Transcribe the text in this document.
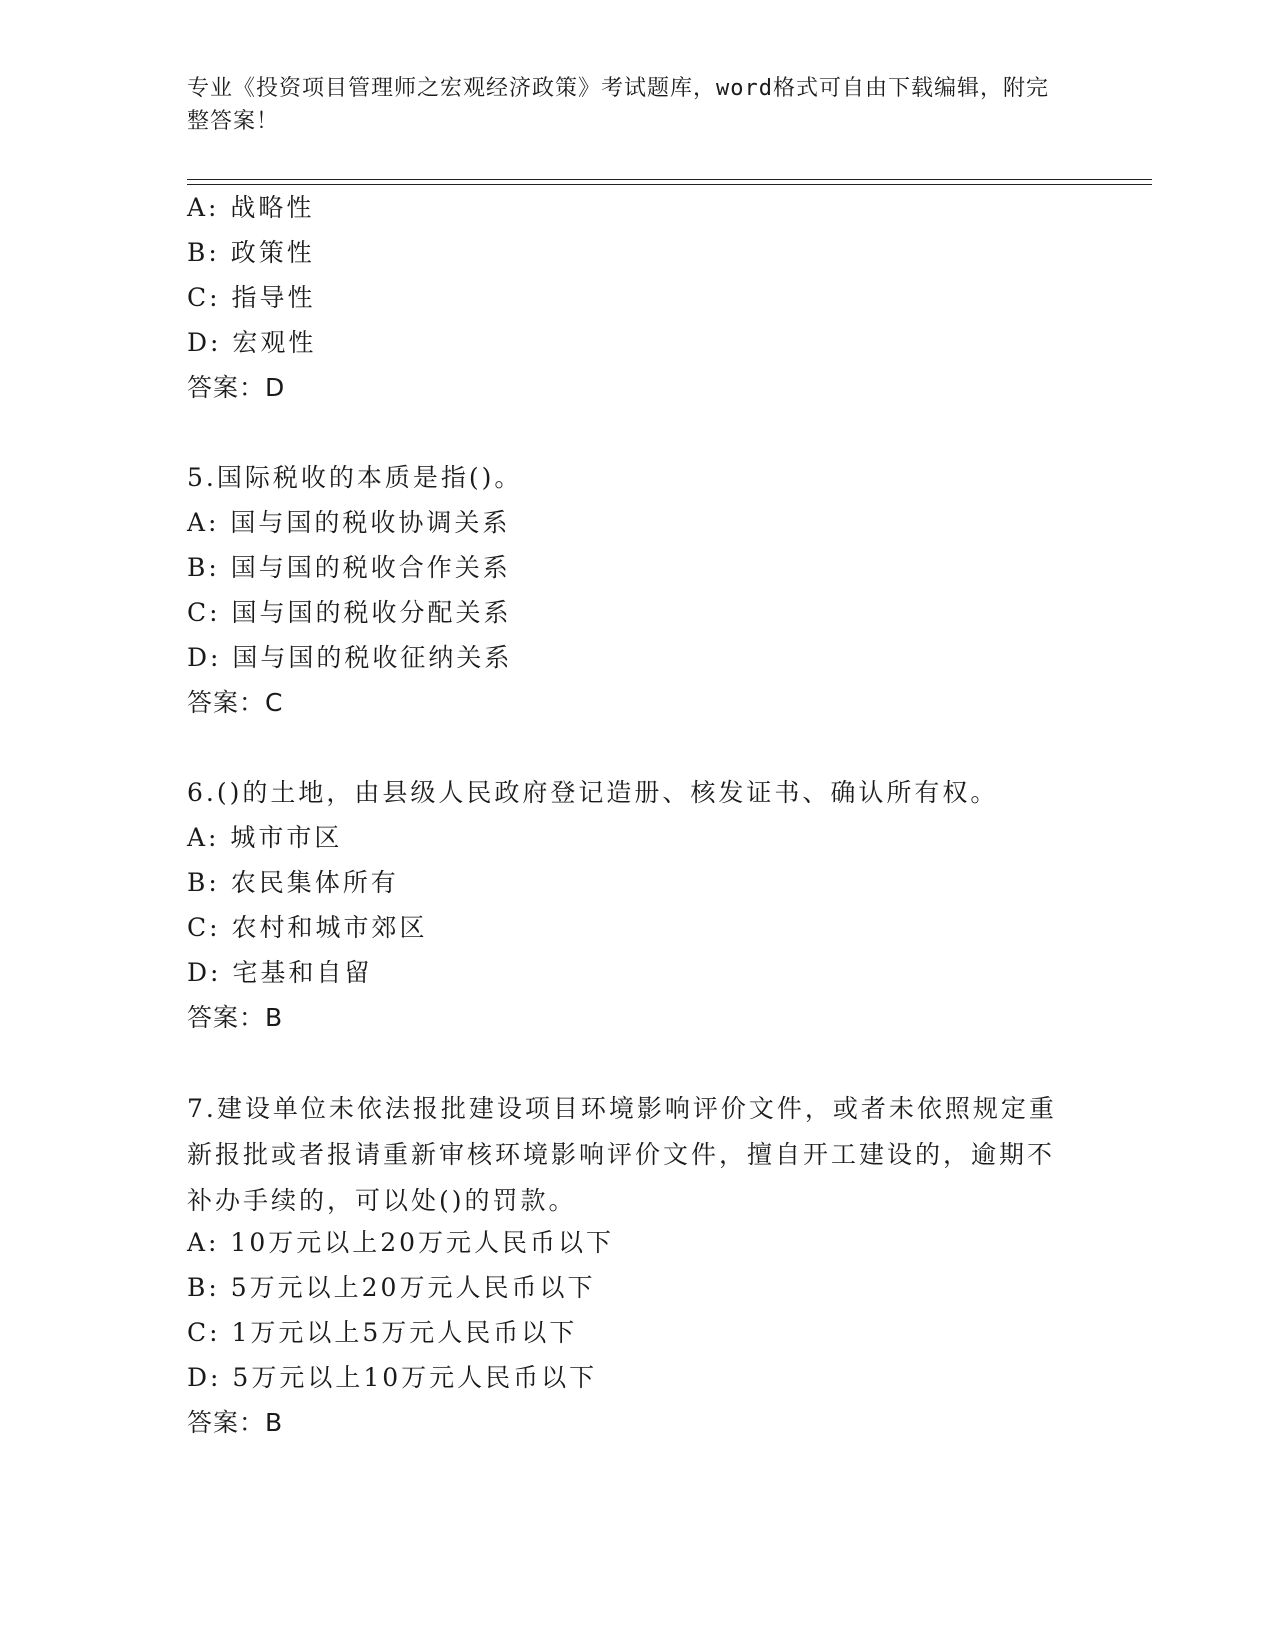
专业《投资项目管理师之宏观经济政策》考试题库，word格式可自由下载编辑，附完整答案！
A: 战略性
B: 政策性
C: 指导性
D: 宏观性
答案：D
5.国际税收的本质是指()。
A: 国与国的税收协调关系
B: 国与国的税收合作关系
C: 国与国的税收分配关系
D: 国与国的税收征纳关系
答案：C
6.()的土地，由县级人民政府登记造册、核发证书、确认所有权。
A: 城市市区
B: 农民集体所有
C: 农村和城市郊区
D: 宅基和自留
答案：B
7.建设单位未依法报批建设项目环境影响评价文件，或者未依照规定重新报批或者报请重新审核环境影响评价文件，擅自开工建设的，逾期不补办手续的，可以处()的罚款。
A: 10万元以上20万元人民币以下
B: 5万元以上20万元人民币以下
C: 1万元以上5万元人民币以下
D: 5万元以上10万元人民币以下
答案：B
